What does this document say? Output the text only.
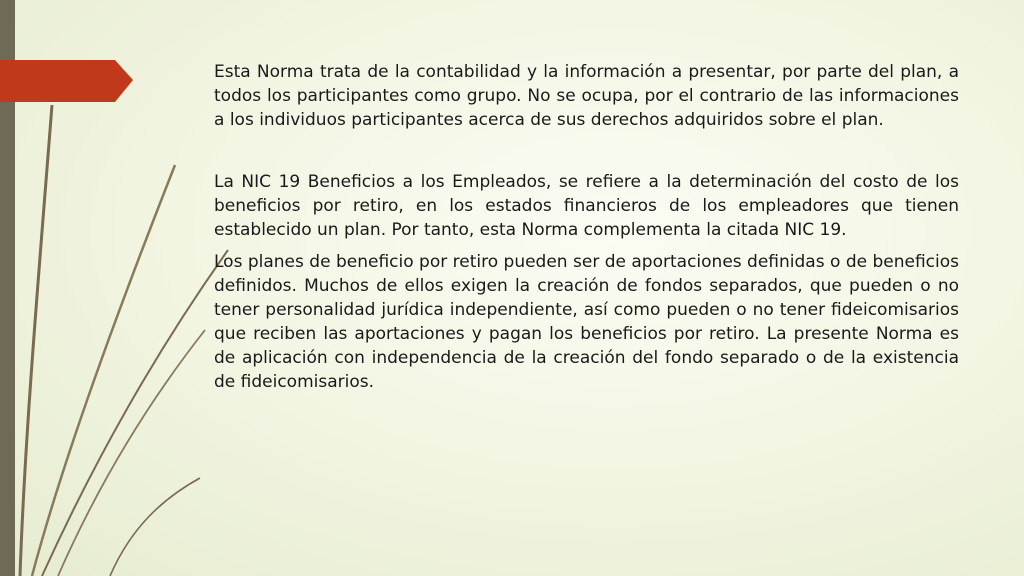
Esta Norma trata de la contabilidad y la información a presentar, por parte del plan, a todos los participantes como grupo. No se ocupa, por el contrario de las informaciones a los individuos participantes acerca de sus derechos adquiridos sobre el plan.

La NIC 19 Beneficios a los Empleados, se refiere a la determinación del costo de los beneficios por retiro, en los estados financieros de los empleadores que tienen establecido un plan. Por tanto, esta Norma complementa la citada NIC 19.

Los planes de beneficio por retiro pueden ser de aportaciones definidas o de beneficios definidos. Muchos de ellos exigen la creación de fondos separados, que pueden o no tener personalidad jurídica independiente, así como pueden o no tener fideicomisarios que reciben las aportaciones y pagan los beneficios por retiro. La presente Norma es de aplicación con independencia de la creación del fondo separado o de la existencia de fideicomisarios.
